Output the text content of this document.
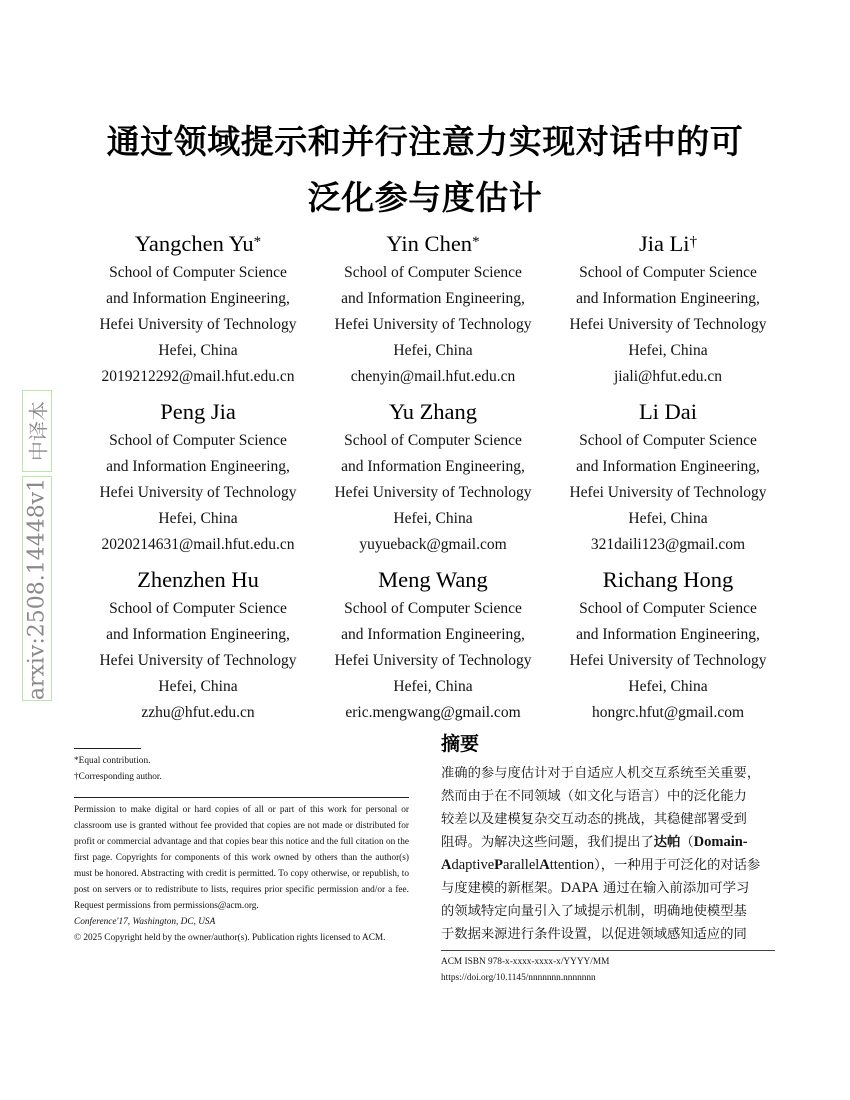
通过领域提示和并行注意力实现对话中的可
泛化参与度估计
中译本
arxiv:2508.14448v1
Yangchen Yu*
School of Computer Science
and Information Engineering,
Hefei University of Technology
Hefei, China
2019212292@mail.hfut.edu.cn
Yin Chen*
School of Computer Science
and Information Engineering,
Hefei University of Technology
Hefei, China
chenyin@mail.hfut.edu.cn
Jia Li†
School of Computer Science
and Information Engineering,
Hefei University of Technology
Hefei, China
jiali@hfut.edu.cn
Peng Jia
School of Computer Science
and Information Engineering,
Hefei University of Technology
Hefei, China
2020214631@mail.hfut.edu.cn
Yu Zhang
School of Computer Science
and Information Engineering,
Hefei University of Technology
Hefei, China
yuyueback@gmail.com
Li Dai
School of Computer Science
and Information Engineering,
Hefei University of Technology
Hefei, China
321daili123@gmail.com
Zhenzhen Hu
School of Computer Science
and Information Engineering,
Hefei University of Technology
Hefei, China
zzhu@hfut.edu.cn
Meng Wang
School of Computer Science
and Information Engineering,
Hefei University of Technology
Hefei, China
eric.mengwang@gmail.com
Richang Hong
School of Computer Science
and Information Engineering,
Hefei University of Technology
Hefei, China
hongrc.hfut@gmail.com
*Equal contribution.
†Corresponding author.
Permission to make digital or hard copies of all or part of this work for personal or classroom use is granted without fee provided that copies are not made or distributed for profit or commercial advantage and that copies bear this notice and the full citation on the first page. Copyrights for components of this work owned by others than the author(s) must be honored. Abstracting with credit is permitted. To copy otherwise, or republish, to post on servers or to redistribute to lists, requires prior specific permission and/or a fee. Request permissions from permissions@acm.org.
Conference'17, Washington, DC, USA
© 2025 Copyright held by the owner/author(s). Publication rights licensed to ACM.
摘要
准确的参与度估计对于自适应人机交互系统至关重要，
然而由于在不同领域（如文化与语言）中的泛化能力
较差以及建模复杂交互动态的挑战，其稳健部署受到
阻碍。为解决这些问题，我们提出了达帕（Domain-
AdaptiveParallelAttention），一种用于可泛化的对话参
与度建模的新框架。DAPA 通过在输入前添加可学习
的领域特定向量引入了域提示机制，明确地使模型基
于数据来源进行条件设置，以促进领域感知适应的同
ACM ISBN 978-x-xxxx-xxxx-x/YYYY/MM
https://doi.org/10.1145/nnnnnnn.nnnnnnn
